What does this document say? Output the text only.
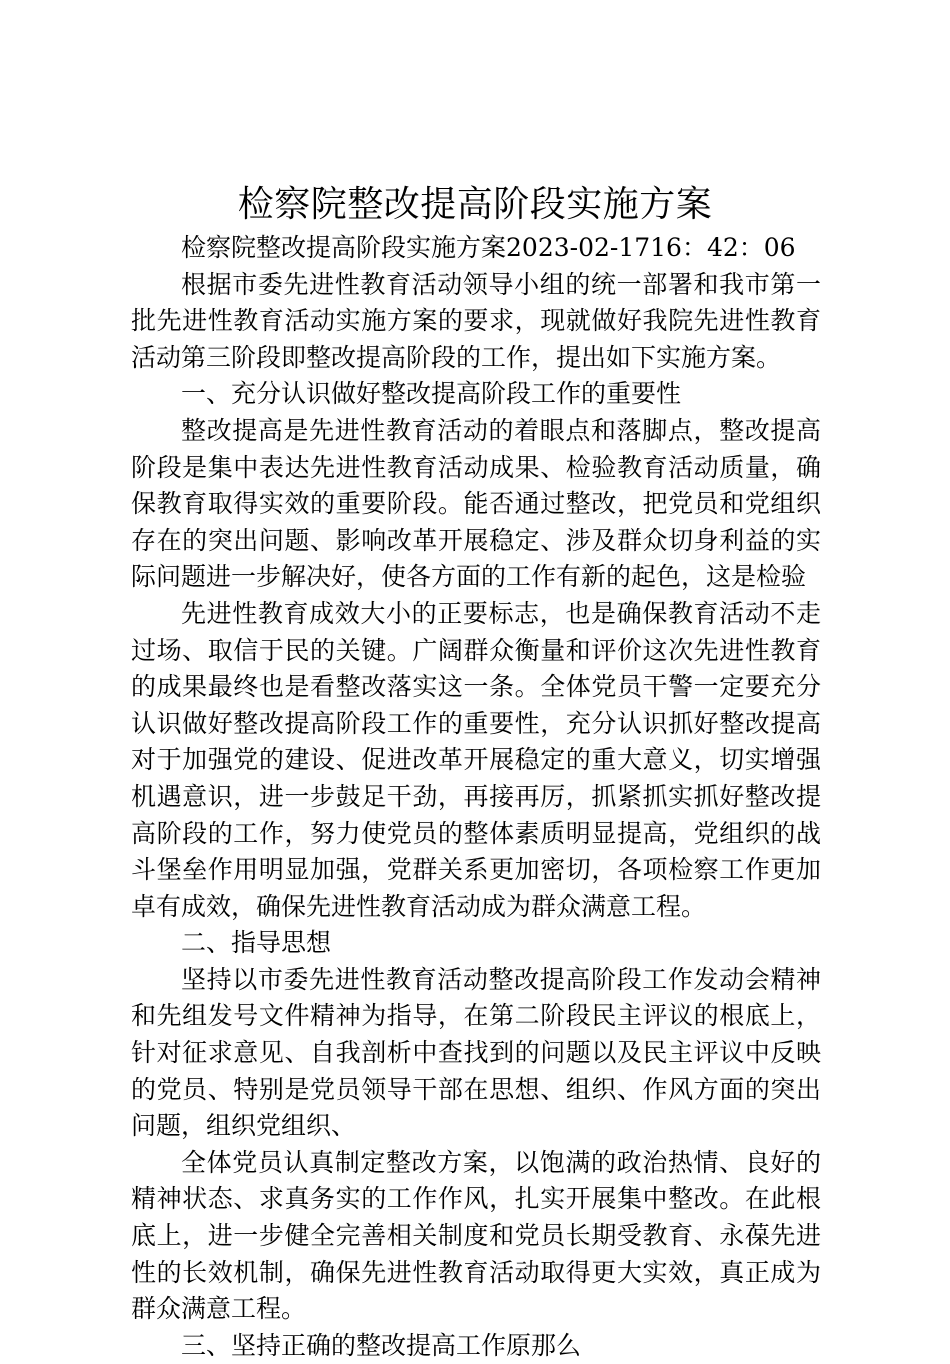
检察院整改提高阶段实施方案

检察院整改提高阶段实施方案2023-02-1716：42：06

根据市委先进性教育活动领导小组的统一部署和我市第一批先进性教育活动实施方案的要求，现就做好我院先进性教育活动第三阶段即整改提高阶段的工作，提出如下实施方案。

一、充分认识做好整改提高阶段工作的重要性

整改提高是先进性教育活动的着眼点和落脚点，整改提高阶段是集中表达先进性教育活动成果、检验教育活动质量，确保教育取得实效的重要阶段。能否通过整改，把党员和党组织存在的突出问题、影响改革开展稳定、涉及群众切身利益的实际问题进一步解决好，使各方面的工作有新的起色，这是检验

先进性教育成效大小的正要标志，也是确保教育活动不走过场、取信于民的关键。广阔群众衡量和评价这次先进性教育的成果最终也是看整改落实这一条。全体党员干警一定要充分认识做好整改提高阶段工作的重要性，充分认识抓好整改提高对于加强党的建设、促进改革开展稳定的重大意义，切实增强机遇意识，进一步鼓足干劲，再接再厉，抓紧抓实抓好整改提高阶段的工作，努力使党员的整体素质明显提高，党组织的战斗堡垒作用明显加强，党群关系更加密切，各项检察工作更加卓有成效，确保先进性教育活动成为群众满意工程。

二、指导思想

坚持以市委先进性教育活动整改提高阶段工作发动会精神和先组发号文件精神为指导，在第二阶段民主评议的根底上，针对征求意见、自我剖析中查找到的问题以及民主评议中反映的党员、特别是党员领导干部在思想、组织、作风方面的突出问题，组织党组织、

全体党员认真制定整改方案，以饱满的政治热情、良好的精神状态、求真务实的工作作风，扎实开展集中整改。在此根底上，进一步健全完善相关制度和党员长期受教育、永葆先进性的长效机制，确保先进性教育活动取得更大实效，真正成为群众满意工程。

三、坚持正确的整改提高工作原那么
